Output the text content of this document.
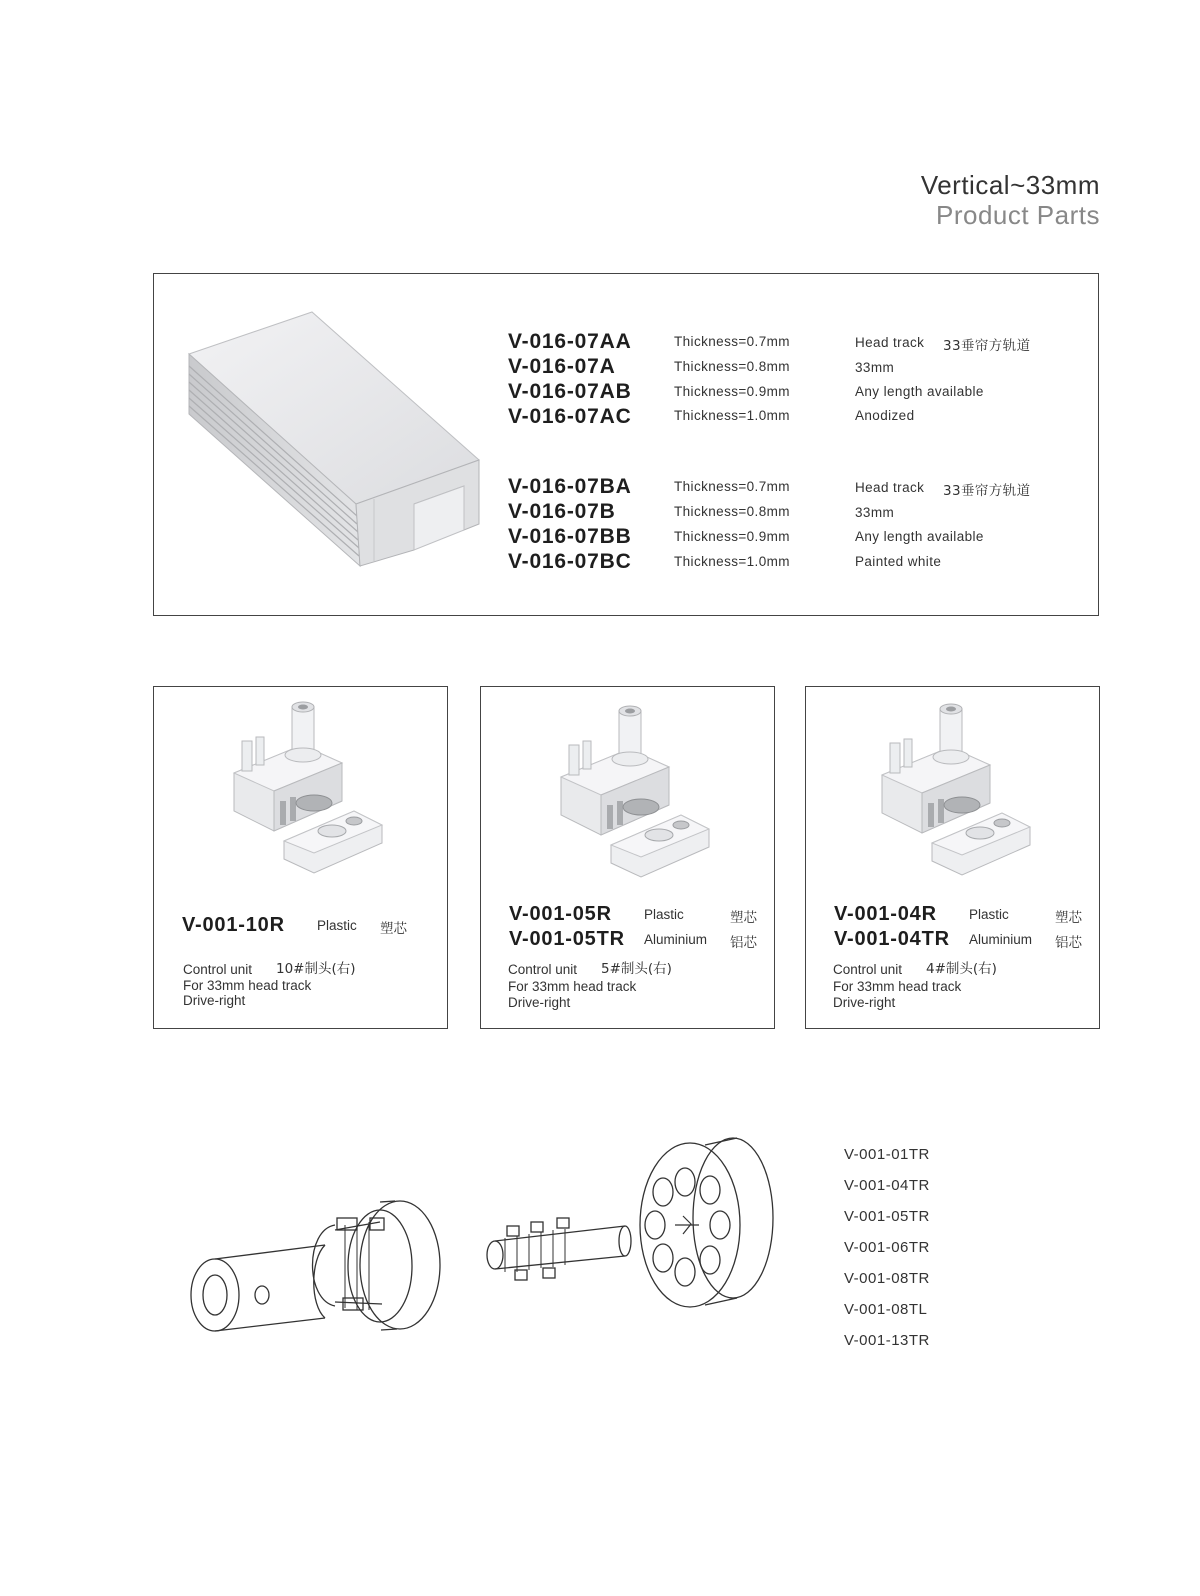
Vertical~33mm
Product Parts
V-016-07AA
V-016-07A
V-016-07AB
V-016-07AC
Thickness=0.7mm
Thickness=0.8mm
Thickness=0.9mm
Thickness=1.0mm
Head track 33垂帘方轨道
33mm
Any length available
Anodized
V-016-07BA
V-016-07B
V-016-07BB
V-016-07BC
Thickness=0.7mm
Thickness=0.8mm
Thickness=0.9mm
Thickness=1.0mm
Head track 33垂帘方轨道
33mm
Any length available
Painted white
V-001-10R Plastic 塑芯
Control unit 10#制头(右)
For 33mm head track
Drive-right
V-001-05R Plastic	塑芯
V-001-05TR Aluminium 铝芯
Control unit 5#制头(右)
For 33mm head track
Drive-right
V-001-04R Plastic	塑芯
V-001-04TR Aluminium 铝芯
Control unit 4#制头(右)
For 33mm head track
Drive-right
V-001-01TR
V-001-04TR
V-001-05TR
V-001-06TR
V-001-08TR
V-001-08TL
V-001-13TR
